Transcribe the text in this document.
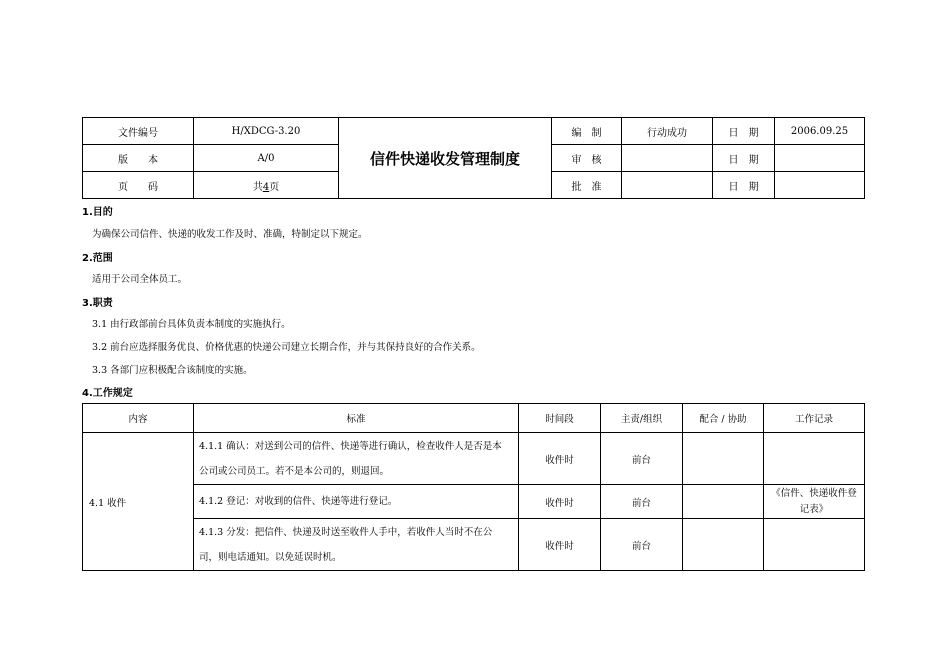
文件编号	H/XDCG-3.20	信件快递收发管理制度	编　制	行动成功	日　期	2006.09.25
版　　本	A/0		审　核		日　期	
页　　码	共4页		批　准		日　期	
1.目的
为确保公司信件、快递的收发工作及时、准确，特制定以下规定。
2.范围
适用于公司全体员工。
3.职责
3.1 由行政部前台具体负责本制度的实施执行。
3.2 前台应选择服务优良、价格优惠的快递公司建立长期合作，并与其保持良好的合作关系。
3.3 各部门应积极配合该制度的实施。
4.工作规定
内容	标准	时间段	主责/组织	配合 / 协助	工作记录
4.1 收件	4.1.1 确认：对送到公司的信件、快递等进行确认，检查收件人是否是本
公司或公司员工。若不是本公司的，则退回。	收件时	前台		

	4.1.2 登记：对收到的信件、快递等进行登记。	收件时	前台		《信件、快递收件登
记表》

	4.1.3 分发：把信件、快递及时送至收件人手中，若收件人当时不在公
司，则电话通知。以免延误时机。	收件时	前台		
